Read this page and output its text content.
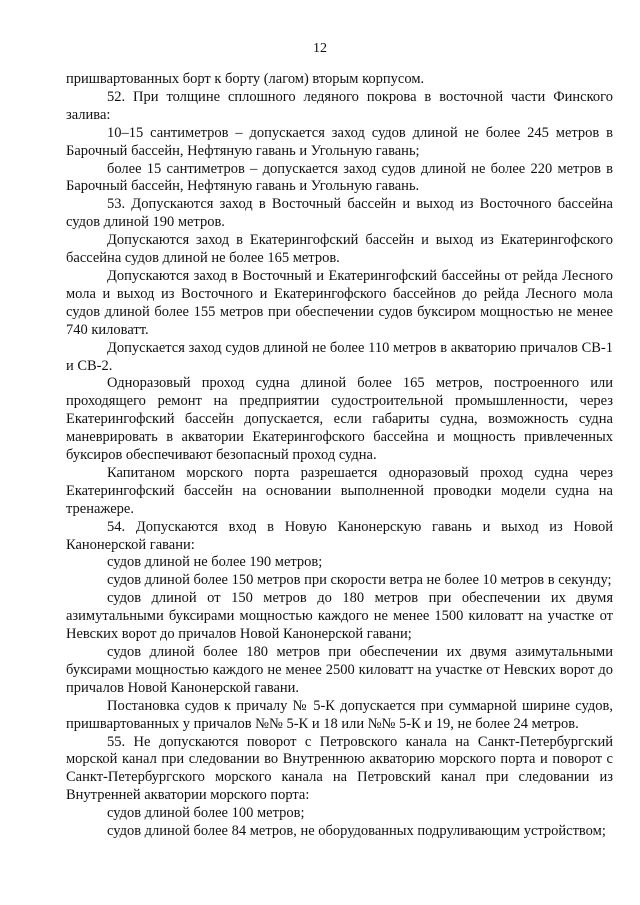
12

пришвартованных борт к борту (лагом) вторым корпусом.

52. При толщине сплошного ледяного покрова в восточной части Финского залива:

10–15 сантиметров – допускается заход судов длиной не более 245 метров в Барочный бассейн, Нефтяную гавань и Угольную гавань;

более 15 сантиметров – допускается заход судов длиной не более 220 метров в Барочный бассейн, Нефтяную гавань и Угольную гавань.

53. Допускаются заход в Восточный бассейн и выход из Восточного бассейна судов длиной 190 метров.

Допускаются заход в Екатерингофский бассейн и выход из Екатерингофского бассейна судов длиной не более 165 метров.

Допускаются заход в Восточный и Екатерингофский бассейны от рейда Лесного мола и выход из Восточного и Екатерингофского бассейнов до рейда Лесного мола судов длиной более 155 метров при обеспечении судов буксиром мощностью не менее 740 киловатт.

Допускается заход судов длиной не более 110 метров в акваторию причалов СВ-1 и СВ-2.

Одноразовый проход судна длиной более 165 метров, построенного или проходящего ремонт на предприятии судостроительной промышленности, через Екатерингофский бассейн допускается, если габариты судна, возможность судна маневрировать в акватории Екатерингофского бассейна и мощность привлеченных буксиров обеспечивают безопасный проход судна.

Капитаном морского порта разрешается одноразовый проход судна через Екатерингофский бассейн на основании выполненной проводки модели судна на тренажере.

54. Допускаются вход в Новую Канонерскую гавань и выход из Новой Канонерской гавани:

судов длиной не более 190 метров;

судов длиной более 150 метров при скорости ветра не более 10 метров в секунду;

судов длиной от 150 метров до 180 метров при обеспечении их двумя азимутальными буксирами мощностью каждого не менее 1500 киловатт на участке от Невских ворот до причалов Новой Канонерской гавани;

судов длиной более 180 метров при обеспечении их двумя азимутальными буксирами мощностью каждого не менее 2500 киловатт на участке от Невских ворот до причалов Новой Канонерской гавани.

Постановка судов к причалу № 5-К допускается при суммарной ширине судов, пришвартованных у причалов №№ 5-К и 18 или №№ 5-К и 19, не более 24 метров.

55. Не допускаются поворот с Петровского канала на Санкт-Петербургский морской канал при следовании во Внутреннюю акваторию морского порта и поворот с Санкт-Петербургского морского канала на Петровский канал при следовании из Внутренней акватории морского порта:

судов длиной более 100 метров;

судов длиной более 84 метров, не оборудованных подруливающим устройством;
